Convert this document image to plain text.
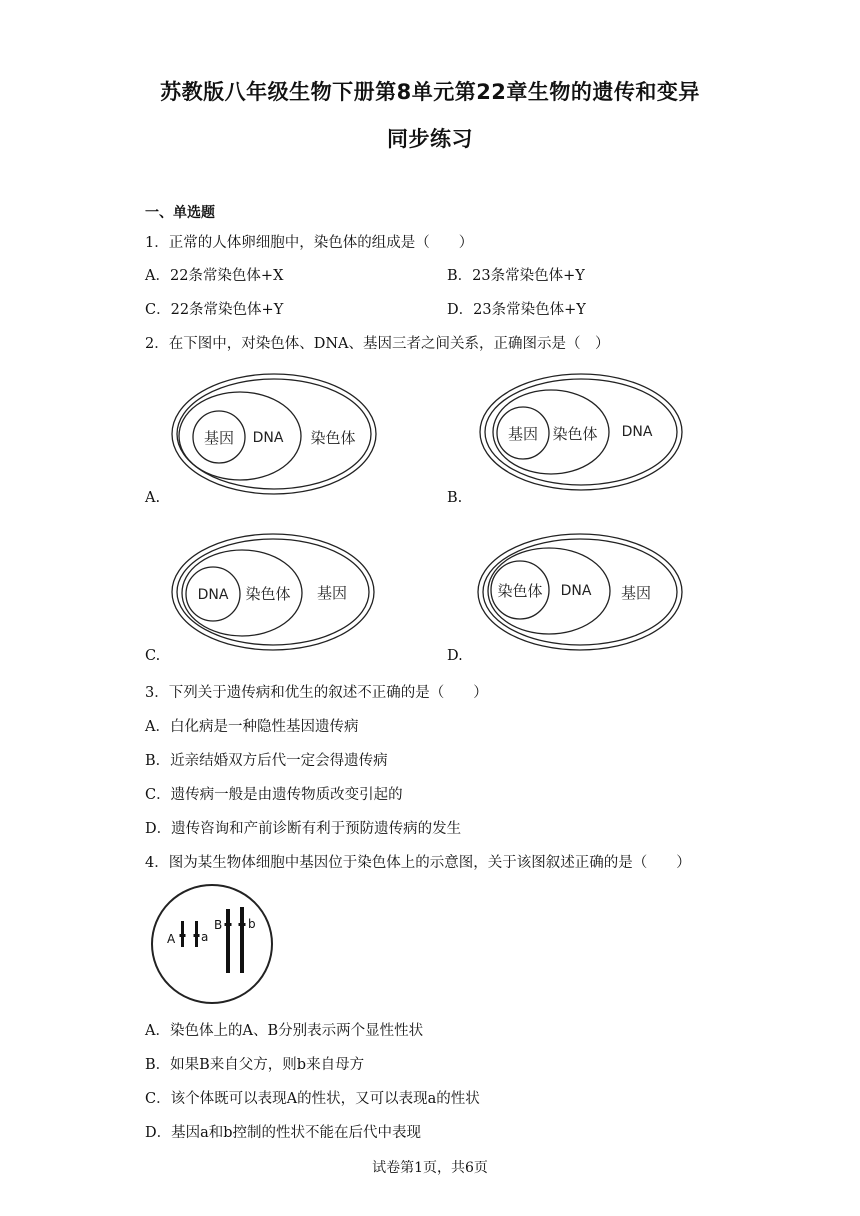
苏教版八年级生物下册第8单元第22章生物的遗传和变异
同步练习
一、单选题
1．正常的人体卵细胞中，染色体的组成是（　　）
A．22条常染色体+X	B．23条常染色体+Y
C．22条常染色体+Y	D．23条常染色体+Y
2．在下图中，对染色体、DNA、基因三者之间关系，正确图示是（　）
基因 DNA 染色体
A.
基因 染色体 DNA
B.
DNA 染色体 基因
C.
染色体 DNA 基因
D.
3．下列关于遗传病和优生的叙述不正确的是（　　）
A．白化病是一种隐性基因遗传病
B．近亲结婚双方后代一定会得遗传病
C．遗传病一般是由遗传物质改变引起的
D．遗传咨询和产前诊断有利于预防遗传病的发生
4．图为某生物体细胞中基因位于染色体上的示意图，关于该图叙述正确的是（　　）
A a
B b
A．染色体上的A、B分别表示两个显性性状
B．如果B来自父方，则b来自母方
C．该个体既可以表现A的性状，又可以表现a的性状
D．基因a和b控制的性状不能在后代中表现
试卷第1页，共6页
